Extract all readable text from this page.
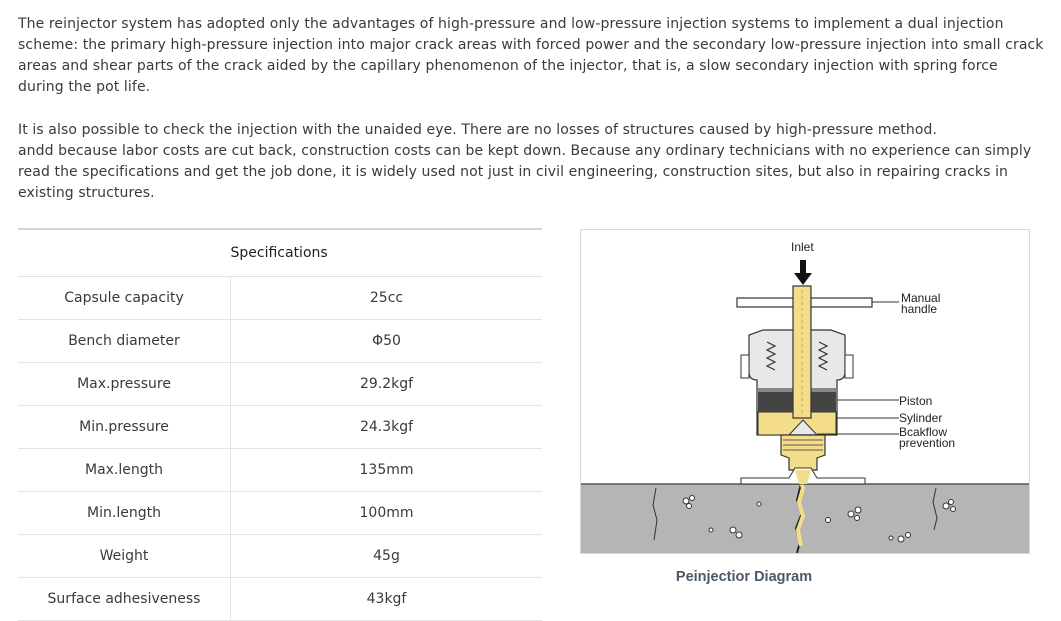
The reinjector system has adopted only the advantages of high-pressure and low-pressure injection systems to implement a dual injection scheme: the primary high-pressure injection into major crack areas with forced power and the secondary low-pressure injection into small crack areas and shear parts of the crack aided by the capillary phenomenon of the injector, that is, a slow secondary injection with spring force during the pot life.

It is also possible to check the injection with the unaided eye. There are no losses of structures caused by high-pressure method.
andd because labor costs are cut back, construction costs can be kept down. Because any ordinary technicians with no experience can simply read the specifications and get the job done, it is widely used not just in civil engineering, construction sites, but also in repairing cracks in existing structures.

	Specifications
Capsule capacity	25cc
Bench diameter	Φ50
Max.pressure	29.2kgf
Min.pressure	24.3kgf
Max.length	135mm
Min.length	100mm
Weight	45g
Surface adhesiveness	43kgf
Inlet
Manual
handle
Piston
Sylinder
Bcakflow
prevention
Peinjectior Diagram
